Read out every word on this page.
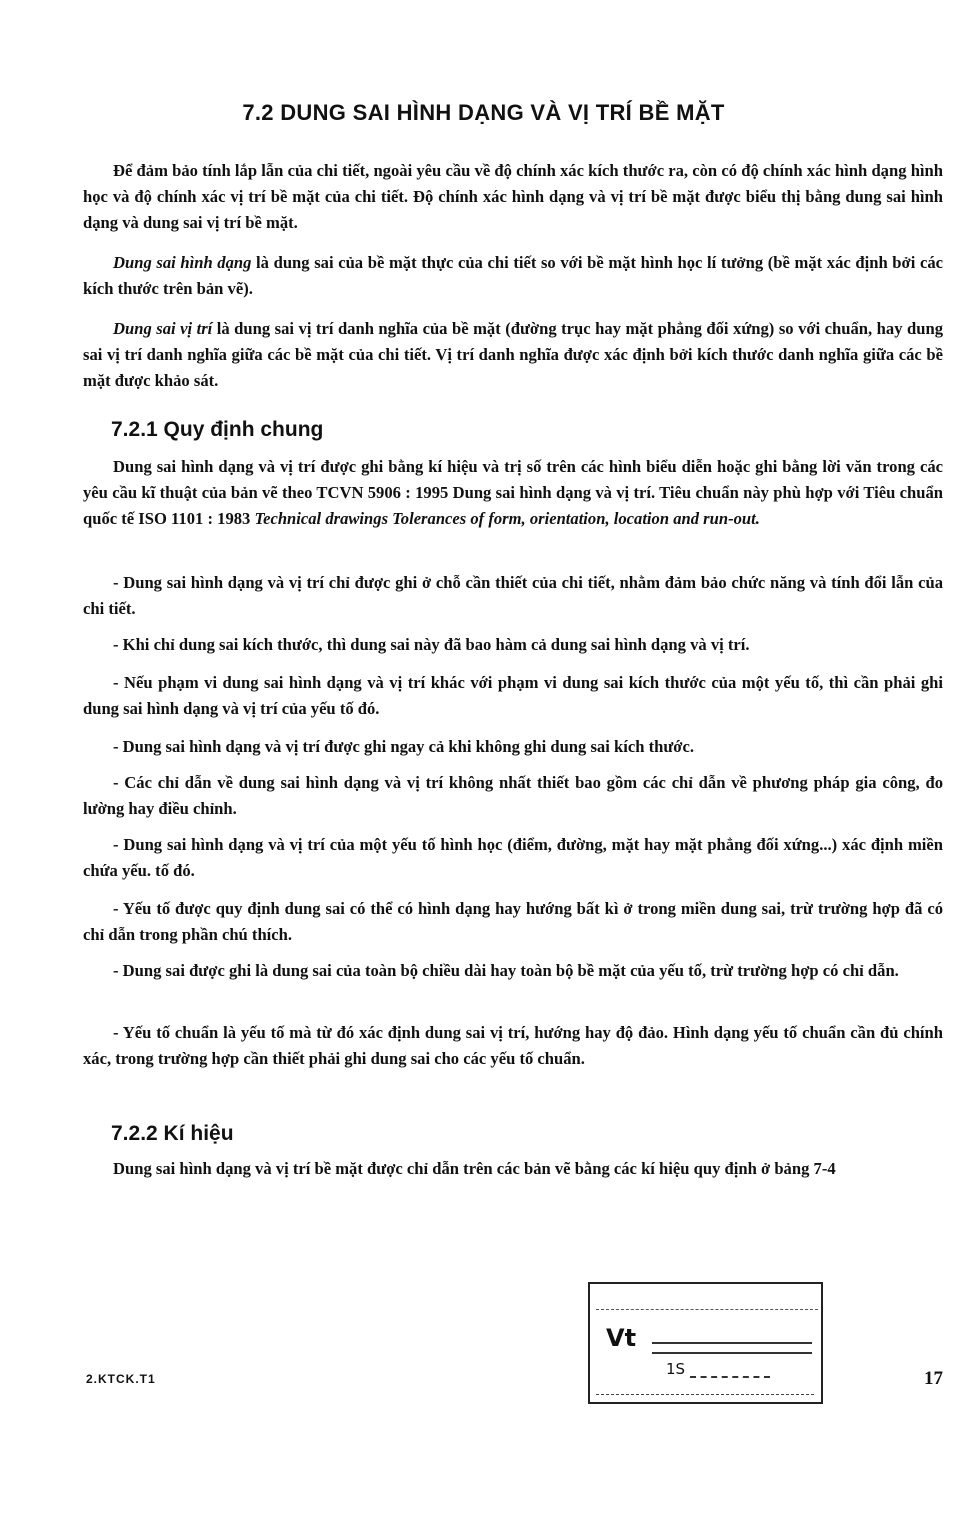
7.2 DUNG SAI HÌNH DẠNG VÀ VỊ TRÍ BỀ MẶT
Để đảm bảo tính lắp lẫn của chi tiết, ngoài yêu cầu về độ chính xác kích thước ra, còn có độ chính xác hình dạng hình học và độ chính xác vị trí bề mặt của chi tiết. Độ chính xác hình dạng và vị trí bề mặt được biểu thị bằng dung sai hình dạng và dung sai vị trí bề mặt.
Dung sai hình dạng là dung sai của bề mặt thực của chi tiết so với bề mặt hình học lí tưởng (bề mặt xác định bởi các kích thước trên bản vẽ).
Dung sai vị trí là dung sai vị trí danh nghĩa của bề mặt (đường trục hay mặt phẳng đối xứng) so với chuẩn, hay dung sai vị trí danh nghĩa giữa các bề mặt của chi tiết. Vị trí danh nghĩa được xác định bởi kích thước danh nghĩa giữa các bề mặt được khảo sát.
7.2.1 Quy định chung
Dung sai hình dạng và vị trí được ghi bằng kí hiệu và trị số trên các hình biểu diễn hoặc ghi bằng lời văn trong các yêu cầu kĩ thuật của bản vẽ theo TCVN 5906 : 1995 Dung sai hình dạng và vị trí. Tiêu chuẩn này phù hợp với Tiêu chuẩn quốc tế ISO 1101 : 1983 Technical drawings Tolerances of form, orientation, location and run-out.
- Dung sai hình dạng và vị trí chỉ được ghi ở chỗ cần thiết của chi tiết, nhằm đảm bảo chức năng và tính đổi lẫn của chi tiết.
- Khi chỉ dung sai kích thước, thì dung sai này đã bao hàm cả dung sai hình dạng và vị trí.
- Nếu phạm vi dung sai hình dạng và vị trí khác với phạm vi dung sai kích thước của một yếu tố, thì cần phải ghi dung sai hình dạng và vị trí của yếu tố đó.
- Dung sai hình dạng và vị trí được ghi ngay cả khi không ghi dung sai kích thước.
- Các chỉ dẫn về dung sai hình dạng và vị trí không nhất thiết bao gồm các chỉ dẫn về phương pháp gia công, đo lường hay điều chỉnh.
- Dung sai hình dạng và vị trí của một yếu tố hình học (điểm, đường, mặt hay mặt phẳng đối xứng...) xác định miền chứa yếu. tố đó.
- Yếu tố được quy định dung sai có thể có hình dạng hay hướng bất kì ở trong miền dung sai, trừ trường hợp đã có chỉ dẫn trong phần chú thích.
- Dung sai được ghi là dung sai của toàn bộ chiều dài hay toàn bộ bề mặt của yếu tố, trừ trường hợp có chỉ dẫn.
- Yếu tố chuẩn là yếu tố mà từ đó xác định dung sai vị trí, hướng hay độ đảo. Hình dạng yếu tố chuẩn cần đủ chính xác, trong trường hợp cần thiết phải ghi dung sai cho các yếu tố chuẩn.
7.2.2 Kí hiệu
Dung sai hình dạng và vị trí bề mặt được chỉ dẫn trên các bản vẽ bằng các kí hiệu quy định ở bảng 7-4
Vt
1S
2.KTCK.T1	17
